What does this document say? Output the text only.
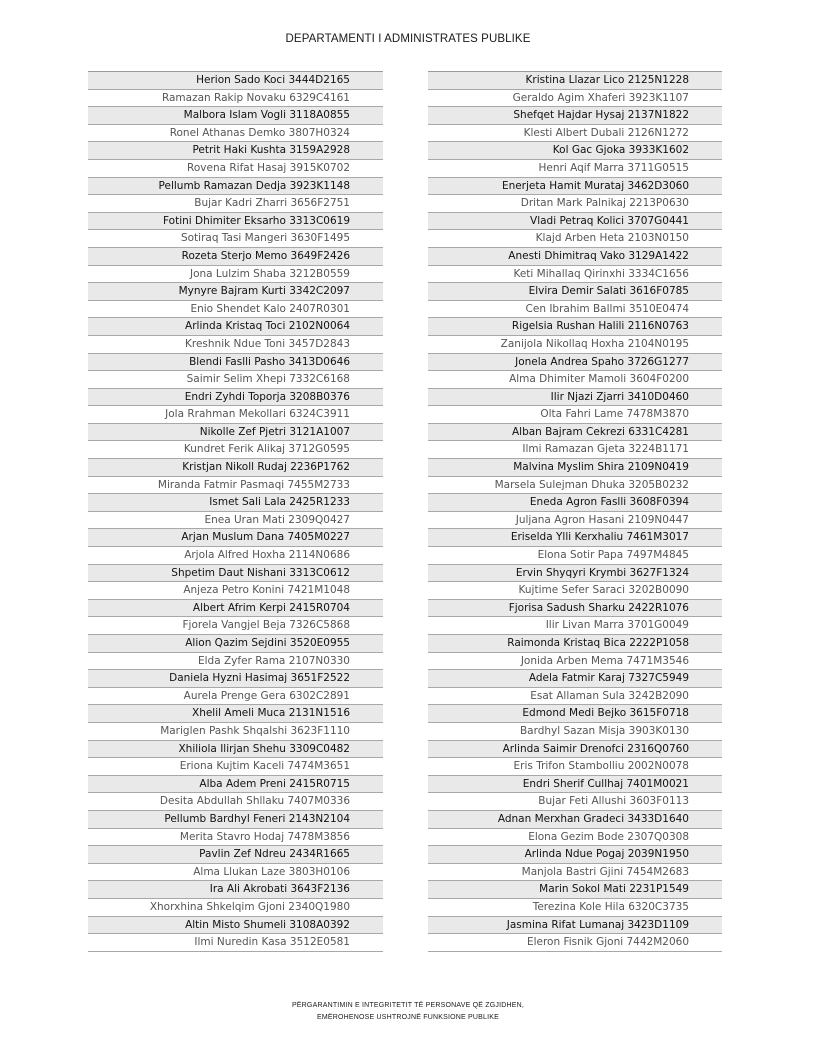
DEPARTAMENTI I ADMINISTRATES PUBLIKE
Herion Sado Koci 3444D2165
Ramazan Rakip Novaku 6329C4161
Malbora Islam Vogli 3118A0855
Ronel Athanas Demko 3807H0324
Petrit Haki Kushta 3159A2928
Rovena Rifat Hasaj 3915K0702
Pellumb Ramazan Dedja 3923K1148
Bujar Kadri Zharri 3656F2751
Fotini Dhimiter Eksarho 3313C0619
Sotiraq Tasi Mangeri 3630F1495
Rozeta Sterjo Memo 3649F2426
Jona Lulzim Shaba 3212B0559
Mynyre Bajram Kurti 3342C2097
Enio Shendet Kalo 2407R0301
Arlinda Kristaq Toci 2102N0064
Kreshnik Ndue Toni 3457D2843
Blendi Faslli Pasho 3413D0646
Saimir Selim Xhepi 7332C6168
Endri Zyhdi Toporja 3208B0376
Jola Rrahman Mekollari 6324C3911
Nikolle Zef Pjetri 3121A1007
Kundret Ferik Alikaj 3712G0595
Kristjan Nikoll Rudaj 2236P1762
Miranda Fatmir Pasmaqi 7455M2733
Ismet Sali Lala 2425R1233
Enea Uran Mati 2309Q0427
Arjan Muslum Dana 7405M0227
Arjola Alfred Hoxha 2114N0686
Shpetim Daut Nishani 3313C0612
Anjeza Petro Konini 7421M1048
Albert Afrim Kerpi 2415R0704
Fjorela Vangjel Beja 7326C5868
Alion Qazim Sejdini 3520E0955
Elda Zyfer Rama 2107N0330
Daniela Hyzni Hasimaj 3651F2522
Aurela Prenge Gera 6302C2891
Xhelil Ameli Muca 2131N1516
Mariglen Pashk Shqalshi 3623F1110
Xhiliola Ilirjan Shehu 3309C0482
Eriona Kujtim Kaceli 7474M3651
Alba Adem Preni 2415R0715
Desita Abdullah Shllaku 7407M0336
Pellumb Bardhyl Feneri 2143N2104
Merita Stavro Hodaj 7478M3856
Pavlin Zef Ndreu 2434R1665
Alma Llukan Laze 3803H0106
Ira Ali Akrobati 3643F2136
Xhorxhina Shkelqim Gjoni 2340Q1980
Altin Misto Shumeli 3108A0392
Ilmi Nuredin Kasa 3512E0581
Kristina Llazar Lico 2125N1228
Geraldo Agim Xhaferi 3923K1107
Shefqet Hajdar Hysaj 2137N1822
Klesti Albert Dubali 2126N1272
Kol Gac Gjoka 3933K1602
Henri Aqif Marra 3711G0515
Enerjeta Hamit Murataj 3462D3060
Dritan Mark Palnikaj 2213P0630
Vladi Petraq Kolici 3707G0441
Klajd Arben Heta 2103N0150
Anesti Dhimitraq Vako 3129A1422
Keti Mihallaq Qirinxhi 3334C1656
Elvira Demir Salati 3616F0785
Cen Ibrahim Ballmi 3510E0474
Rigelsia Rushan Halili 2116N0763
Zanijola Nikollaq Hoxha 2104N0195
Jonela Andrea Spaho 3726G1277
Alma Dhimiter Mamoli 3604F0200
Ilir Njazi Zjarri 3410D0460
Olta Fahri Lame 7478M3870
Alban Bajram Cekrezi 6331C4281
Ilmi Ramazan Gjeta 3224B1171
Malvina Myslim Shira 2109N0419
Marsela Sulejman Dhuka 3205B0232
Eneda Agron Faslli 3608F0394
Juljana Agron Hasani 2109N0447
Eriselda Ylli Kerxhaliu 7461M3017
Elona Sotir Papa 7497M4845
Ervin Shyqyri Krymbi 3627F1324
Kujtime Sefer Saraci 3202B0090
Fjorisa Sadush Sharku 2422R1076
Ilir Livan Marra 3701G0049
Raimonda Kristaq Bica 2222P1058
Jonida Arben Mema 7471M3546
Adela Fatmir Karaj 7327C5949
Esat Allaman Sula 3242B2090
Edmond Medi Bejko 3615F0718
Bardhyl Sazan Misja 3903K0130
Arlinda Saimir Drenofci 2316Q0760
Eris Trifon Stambolliu 2002N0078
Endri Sherif Cullhaj 7401M0021
Bujar Feti Allushi 3603F0113
Adnan Merxhan Gradeci 3433D1640
Elona Gezim Bode 2307Q0308
Arlinda Ndue Pogaj 2039N1950
Manjola Bastri Gjini 7454M2683
Marin Sokol Mati 2231P1549
Terezina Kole Hila 6320C3735
Jasmina Rifat Lumanaj 3423D1109
Eleron Fisnik Gjoni 7442M2060
PËRGARANTIMIN E INTEGRITETIT TË PERSONAVE QË ZGJIDHEN,
EMËROHENOSE USHTROJNË FUNKSIONE PUBLIKE
